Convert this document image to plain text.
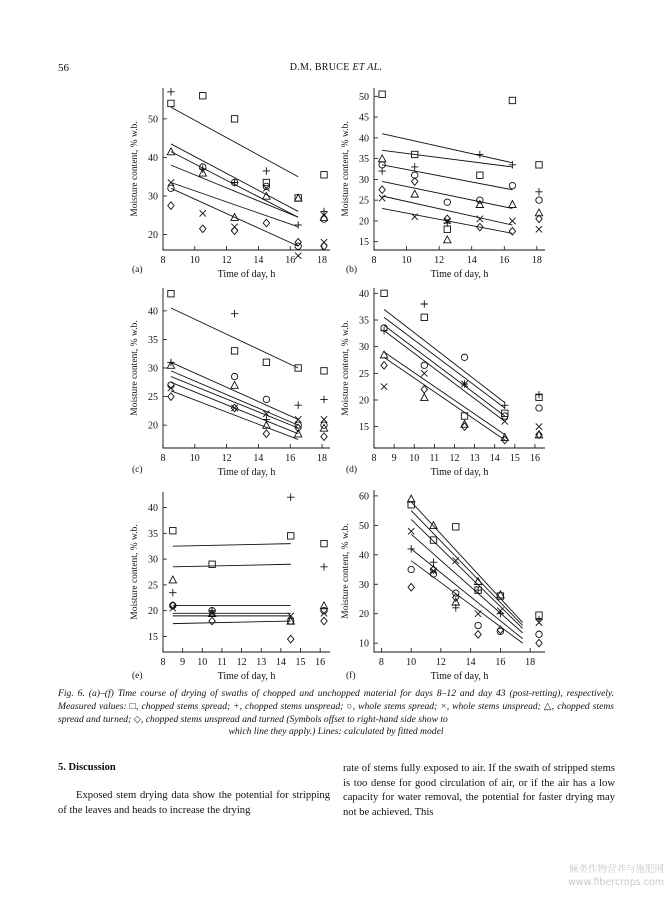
56	D.M. BRUCE ET AL.
20
30
40
50
8 10 12 14 16 18
Moisture content, % w.b.
Time of day, h
(a)
15
20
25
30
35
40
45
50
8	10 12 14 16 18
Moisture content, % w.b.
Time of day, h
(b)
20
25
30
35
40
8 10 12 14 16 18
Moisture content, % w.b.
Time of day, h
(c)
15
20
25
30
35
40
8 9 10 11 12 13 14 15 16
Moisture content, % w.b.
Time of day, h
(d)
15
20
25
30
35
40
8 9 10 11 12 13 14 15 16
Moisture content, % w.b.
Time of day, h
(e)
10
20
30
40
50
60
8 10 12 14 16 18
Moisture content, % w.b.
Time of day, h
(f)
Fig. 6. (a)–(f) Time course of drying of swaths of chopped and unchopped material for days 8–12 and day 43 (post-retting), respectively. Measured values: □, chopped stems spread; +, chopped stems unspread; ○, whole stems spread; ×, whole stems unspread; △, chopped stems spread and turned; ◇, chopped stems unspread and turned (Symbols offset to right-hand side show to
which line they apply.) Lines: calculated by fitted model
5. Discussion
Exposed stem drying data show the potential for stripping of the leaves and heads to increase the drying
rate of stems fully exposed to air. If the swath of stripped stems is too dense for good circulation of air, or if the air has a low capacity for water removal, the potential for faster drying may not be achieved. This
麻类作物营养与施肥网
www.fibercrops.com
